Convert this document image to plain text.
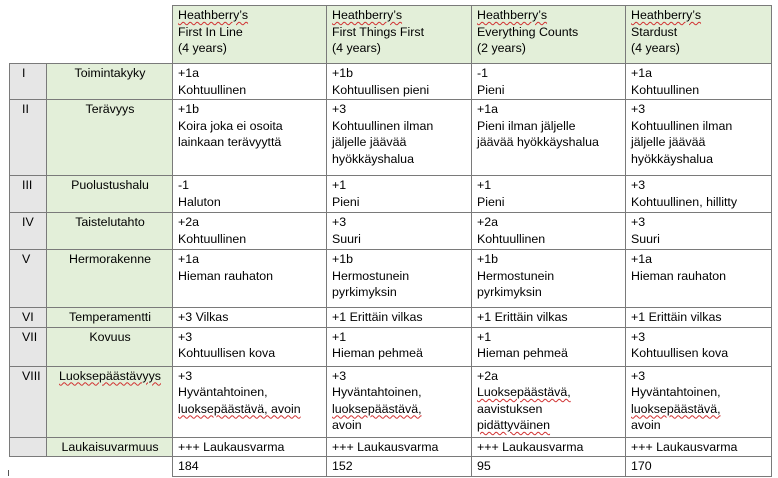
		Heathberry’s
First In Line
(4 years)	Heathberry’s
First Things First
(4 years)	Heathberry’s
Everything Counts
(2 years)	Heathberry’s
Stardust
(4 years)

I	Toimintakyky	+1a
Kohtuullinen	+1b
Kohtuullisen pieni	-1
Pieni	+1a
Kohtuullinen

II	Terävyys	+1b
Koira joka ei osoita
lainkaan terävyyttä	+3
Kohtuullinen ilman
jäljelle jäävää
hyökkäyshalua	+1a
Pieni ilman jäljelle
jäävää hyökkäyshalua	+3
Kohtuullinen ilman
jäljelle jäävää
hyökkäyshalua

III	Puolustushalu	-1
Haluton	+1
Pieni	+1
Pieni	+3
Kohtuullinen, hillitty

IV	Taistelutahto	+2a
Kohtuullinen	+3
Suuri	+2a
Kohtuullinen	+3
Suuri

V	Hermorakenne	+1a
Hieman rauhaton	+1b
Hermostunein
pyrkimyksin	+1b
Hermostunein
pyrkimyksin	+1a
Hieman rauhaton

VI	Temperamentti	+3 Vilkas	+1 Erittäin vilkas	+1 Erittäin vilkas	+1 Erittäin vilkas

VII	Kovuus	+3
Kohtuullisen kova	+1
Hieman pehmeä	+1
Hieman pehmeä	+3
Kohtuullisen kova

VIII	Luoksepäästävyys	+3
Hyväntahtoinen,
luoksepäästävä, avoin	+3
Hyväntahtoinen,
luoksepäästävä,
avoin	+2a
Luoksepäästävä,
aavistuksen
pidättyväinen	+3
Hyväntahtoinen,
luoksepäästävä,
avoin

	Laukaisuvarmuus	+++ Laukausvarma	+++ Laukausvarma	+++ Laukausvarma	+++ Laukausvarma

		184	152	95	170
